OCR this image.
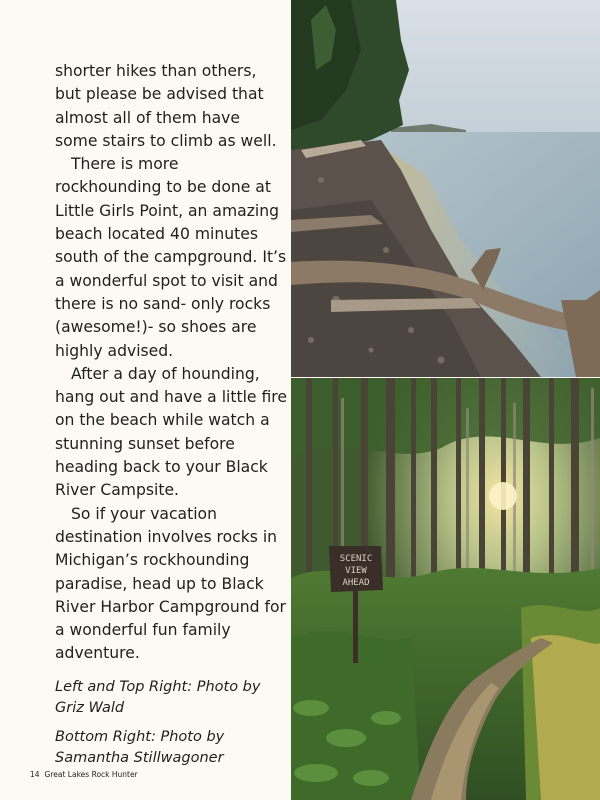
shorter hikes than others, but please be advised that almost all of them have some stairs to climb as well.

There is more rockhounding to be done at Little Girls Point, an amazing beach located 40 minutes south of the campground. It’s a wonderful spot to visit and there is no sand- only rocks (awesome!)- so shoes are highly advised.

After a day of hounding, hang out and have a little fire on the beach while watch a stunning sunset before heading back to your Black River Campsite.

So if your vacation destination involves rocks in Michigan’s rockhounding paradise, head up to Black River Harbor Campground for a wonderful fun family adventure.

Left and Top Right: Photo by Griz Wald

Bottom Right: Photo by Samantha Stillwagoner

14 Great Lakes Rock Hunter
SCENIC
VIEW
AHEAD
